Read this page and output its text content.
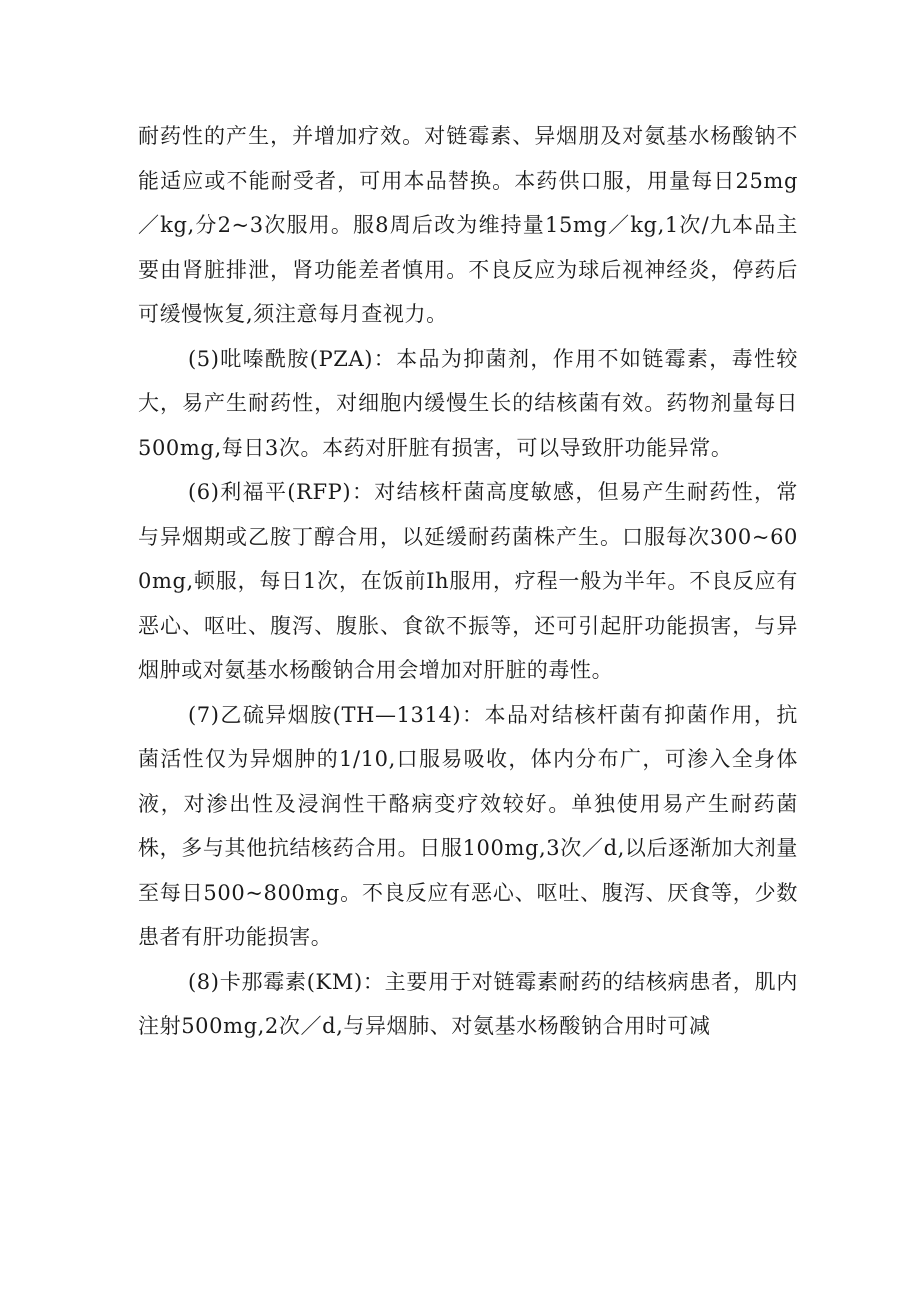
耐药性的产生，并增加疗效。对链霉素、异烟朋及对氨基水杨酸钠不能适应或不能耐受者，可用本品替换。本药供口服，用量每日25mg／kg,分2~3次服用。服8周后改为维持量15mg／kg,1次/九本品主要由肾脏排泄，肾功能差者慎用。不良反应为球后视神经炎，停药后可缓慢恢复,须注意每月查视力。

(5)吡嗪酰胺(PZA)：本品为抑菌剂，作用不如链霉素，毒性较大，易产生耐药性，对细胞内缓慢生长的结核菌有效。药物剂量每日500mg,每日3次。本药对肝脏有损害，可以导致肝功能异常。

(6)利福平(RFP)：对结核杆菌高度敏感，但易产生耐药性，常与异烟期或乙胺丁醇合用，以延缓耐药菌株产生。口服每次300~600mg,顿服，每日1次，在饭前Ih服用，疗程一般为半年。不良反应有恶心、呕吐、腹泻、腹胀、食欲不振等，还可引起肝功能损害，与异烟肿或对氨基水杨酸钠合用会增加对肝脏的毒性。

(7)乙硫异烟胺(TH—1314)：本品对结核杆菌有抑菌作用，抗菌活性仅为异烟肿的1/10,口服易吸收，体内分布广，可渗入全身体液，对渗出性及浸润性干酪病变疗效较好。单独使用易产生耐药菌株，多与其他抗结核药合用。日服100mg,3次／d,以后逐渐加大剂量至每日500~800mg。不良反应有恶心、呕吐、腹泻、厌食等，少数患者有肝功能损害。

(8)卡那霉素(KM)：主要用于对链霉素耐药的结核病患者，肌内注射500mg,2次／d,与异烟肺、对氨基水杨酸钠合用时可减
